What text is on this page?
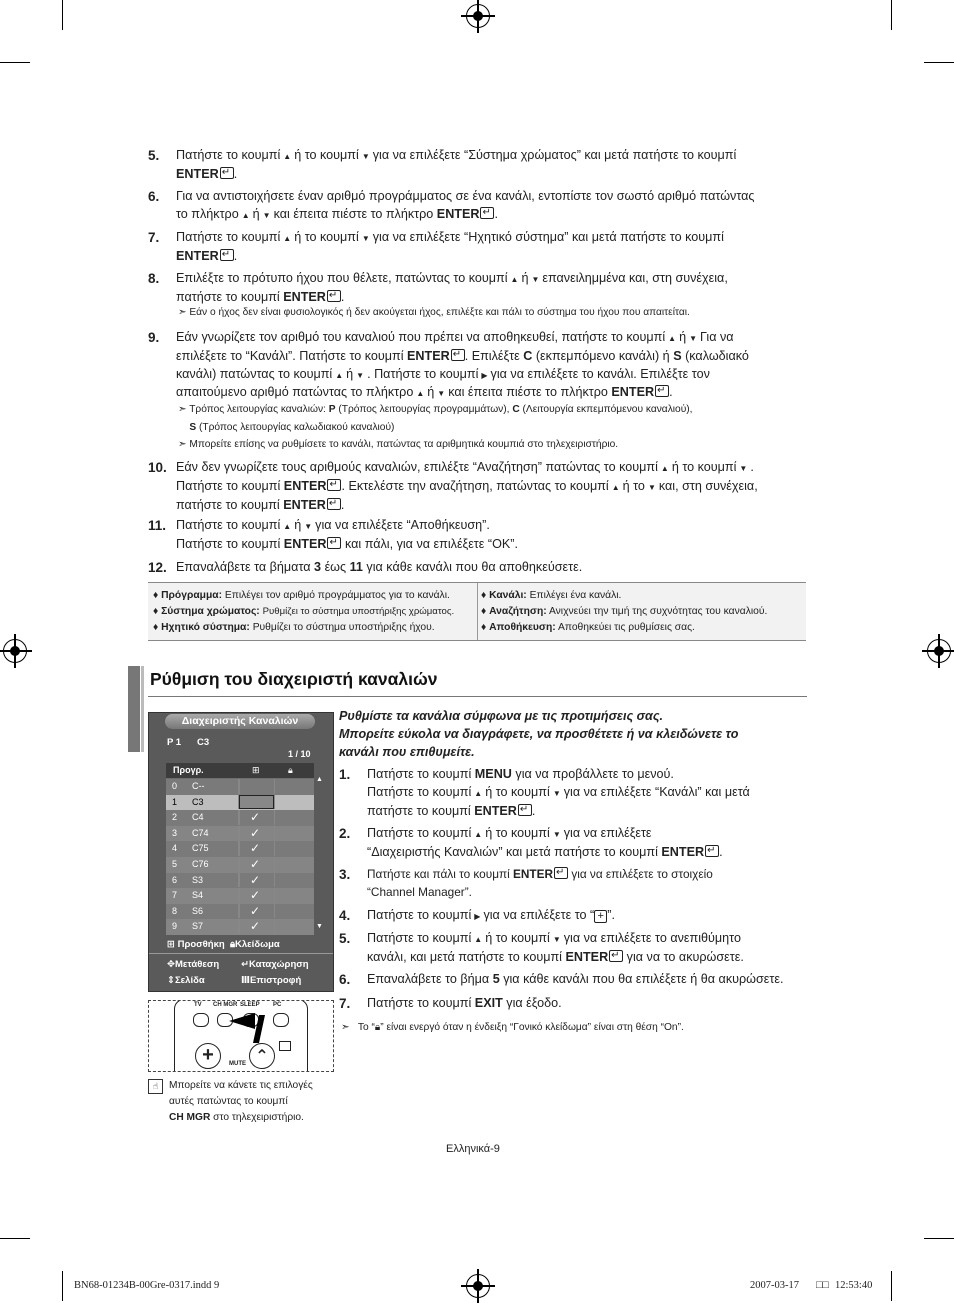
5. Πατήστε το κουμπί ▲ ή το κουμπί ▼ για να επιλέξετε “Σύστημα χρώματος” και μετά πατήστε το κουμπί
ENTER ↵ .
6. Για να αντιστοιχήσετε έναν αριθμό προγράμματος σε ένα κανάλι, εντοπίστε τον σωστό αριθμό πατώντας
το πλήκτρο ▲ ή ▼ και έπειτα πιέστε το πλήκτρο ENTER ↵ .
7. Πατήστε το κουμπί ▲ ή το κουμπί ▼ για να επιλέξετε “Ηχητικό σύστημα” και μετά πατήστε το κουμπί
ENTER ↵ .
8. Επιλέξτε το πρότυπο ήχου που θέλετε, πατώντας το κουμπί ▲ ή ▼ επανειλημμένα και, στη συνέχεια,
πατήστε το κουμπί ENTER ↵ .
➣ Εάν ο ήχος δεν είναι φυσιολογικός ή δεν ακούγεται ήχος, επιλέξτε και πάλι το σύστημα του ήχου που απαιτείται.
9. Εάν γνωρίζετε τον αριθμό του καναλιού που πρέπει να αποθηκευθεί, πατήστε το κουμπί ▲ ή ▼ Για να
επιλέξετε το “Κανάλι”. Πατήστε το κουμπί ENTER ↵ . Επιλέξτε C (εκπεμπόμενο κανάλι) ή S (καλωδιακό
κανάλι) πατώντας το κουμπί ▲ ή ▼ . Πατήστε το κουμπί ▶ για να επιλέξετε το κανάλι. Επιλέξτε τον
απαιτούμενο αριθμό πατώντας το πλήκτρο ▲ ή ▼ και έπειτα πιέστε το πλήκτρο ENTER ↵ .
➣ Τρόπος λειτουργίας καναλιών: P (Τρόπος λειτουργίας προγραμμάτων), C (Λειτουργία εκπεμπόμενου καναλιού),
S (Τρόπος λειτουργίας καλωδιακού καναλιού)
➣ Μπορείτε επίσης να ρυθμίσετε το κανάλι, πατώντας τα αριθμητικά κουμπιά στο τηλεχειριστήριο.
10. Εάν δεν γνωρίζετε τους αριθμούς καναλιών, επιλέξτε “Αναζήτηση” πατώντας το κουμπί ▲ ή το κουμπί ▼ .
Πατήστε το κουμπί ENTER ↵ . Εκτελέστε την αναζήτηση, πατώντας το κουμπί ▲ ή το ▼ και, στη συνέχεια,
πατήστε το κουμπί ENTER ↵ .
11. Πατήστε το κουμπί ▲ ή ▼ για να επιλέξετε “Αποθήκευση”.
Πατήστε το κουμπί ENTER ↵ και πάλι, για να επιλέξετε “OK”.
12. Επαναλάβετε τα βήματα 3 έως 11 για κάθε κανάλι που θα αποθηκεύσετε.
♦ Πρόγραμμα: Επιλέγει τον αριθμό προγράμματος για το κανάλι.
♦ Σύστημα χρώματος: Ρυθμίζει το σύστημα υποστήριξης χρώματος.
♦ Ηχητικό σύστημα: Ρυθμίζει το σύστημα υποστήριξης ήχου.
♦ Κανάλι: Επιλέγει ένα κανάλι.
♦ Αναζήτηση: Ανιχνεύει την τιμή της συχνότητας του καναλιού.
♦ Αποθήκευση: Αποθηκεύει τις ρυθμίσεις σας.
Ρύθμιση του διαχειριστή καναλιών
Διαχειριστής Καναλιών
P 1 C3
1 / 10
Προγρ.	⊞	🔒︎
▲
▼
⊞ Προσθήκη 🔒︎Κλείδωμα
✥Μετάθεση ↵Καταχώρηση
⇕Σελίδα	ⅢΕπιστροφή
0 C--
1 C3
2 C4	✓
3 C74	✓
4 C75	✓
5 C76	✓
6 S3	✓
7 S4	✓
8 S6	✓
9 S7	✓
TV CH MGR SLEEP PC
+	⌃
MUTE
☝	Μπορείτε να κάνετε τις επιλογές
αυτές πατώντας το κουμπί
CH MGR στο τηλεχειριστήριο.
Ρυθμίστε τα κανάλια σύμφωνα με τις προτιμήσεις σας.
Μπορείτε εύκολα να διαγράφετε, να προσθέτετε ή να κλειδώνετε το
κανάλι που επιθυμείτε.
1. Πατήστε το κουμπί MENU για να προβάλλετε το μενού.
Πατήστε το κουμπί ▲ ή το κουμπί ▼ για να επιλέξετε “Κανάλι” και μετά
πατήστε το κουμπί ENTER ↵ .
2. Πατήστε το κουμπί ▲ ή το κουμπί ▼ για να επιλέξετε
“Διαχειριστής Καναλιών” και μετά πατήστε το κουμπί ENTER ↵ .
3. Πατήστε και πάλι το κουμπί ENTER ↵ για να επιλέξετε το στοιχείο
“Channel Manager”.
4. Πατήστε το κουμπί ▶ για να επιλέξετε το “ + ”.
5. Πατήστε το κουμπί ▲ ή το κουμπί ▼ για να επιλέξετε το ανεπιθύμητο
κανάλι, και μετά πατήστε το κουμπί ENTER ↵ για να το ακυρώσετε.
6. Επαναλάβετε το βήμα 5 για κάθε κανάλι που θα επιλέξετε ή θα ακυρώσετε.
7. Πατήστε το κουμπί EXIT για έξοδο.
➣   Το “🔒︎” είναι ενεργό όταν η ένδειξη “Γονικό κλείδωμα” είναι στη θέση “On”.
Ελληνικά-9
BN68-01234B-00Gre-0317.indd 9	2007-03-17 □□ 12:53:40
